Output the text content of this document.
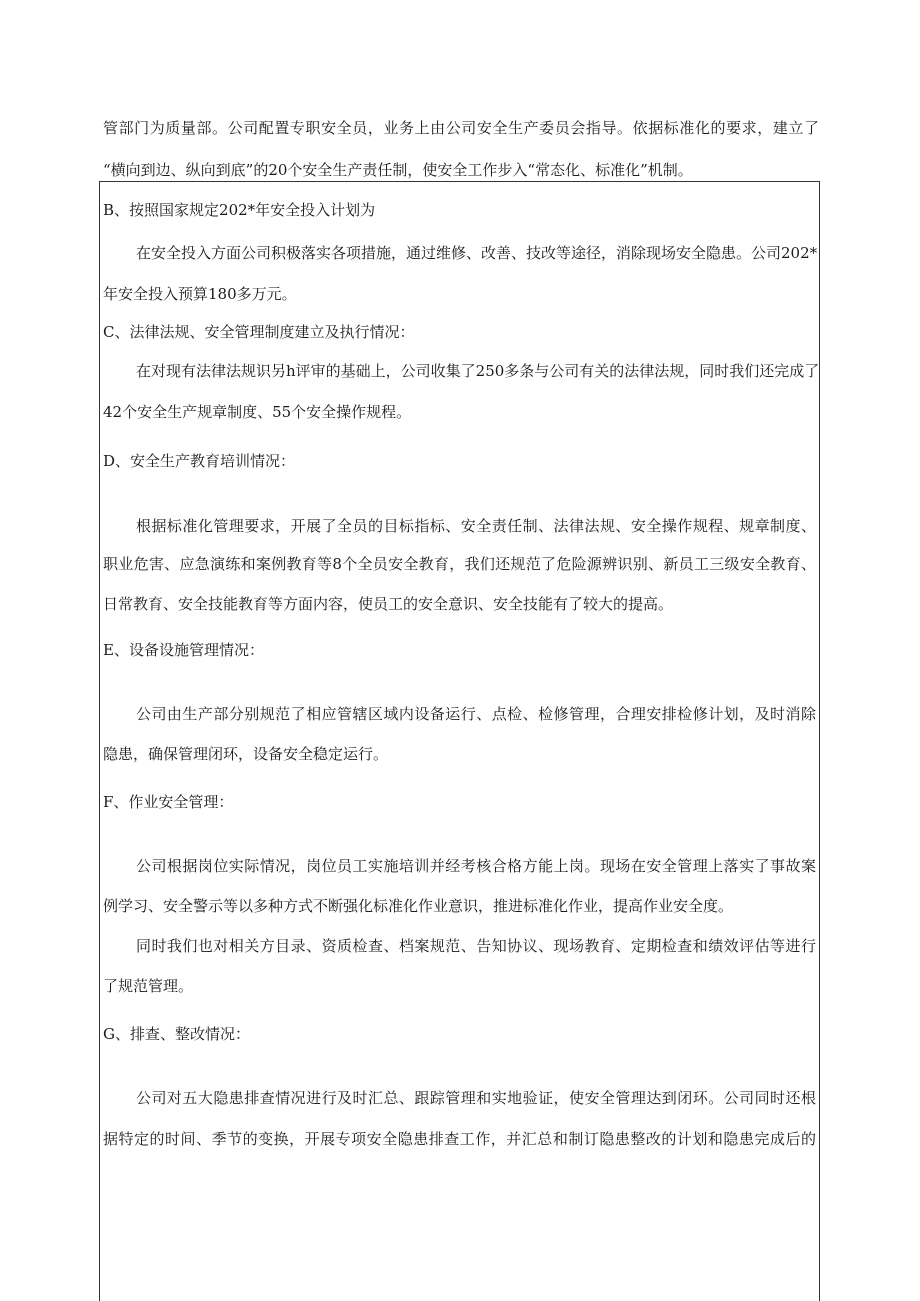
管部门为质量部。公司配置专职安全员，业务上由公司安全生产委员会指导。依据标准化的要求，建立了

“横向到边、纵向到底”的20个安全生产责任制，使安全工作步入“常态化、标准化”机制。

B、按照国家规定202*年安全投入计划为

在安全投入方面公司积极落实各项措施，通过维修、改善、技改等途径，消除现场安全隐患。公司202*

年安全投入预算180多万元。

C、法律法规、安全管理制度建立及执行情况：

在对现有法律法规识另h评审的基础上，公司收集了250多条与公司有关的法律法规，同时我们还完成了

42个安全生产规章制度、55个安全操作规程。

D、安全生产教育培训情况：

根据标准化管理要求，开展了全员的目标指标、安全责任制、法律法规、安全操作规程、规章制度、

职业危害、应急演练和案例教育等8个全员安全教育，我们还规范了危险源辨识别、新员工三级安全教育、

日常教育、安全技能教育等方面内容，使员工的安全意识、安全技能有了较大的提高。

E、设备设施管理情况：

公司由生产部分别规范了相应管辖区域内设备运行、点检、检修管理，合理安排检修计划，及时消除

隐患，确保管理闭环，设备安全稳定运行。

F、作业安全管理：

公司根据岗位实际情况，岗位员工实施培训并经考核合格方能上岗。现场在安全管理上落实了事故案

例学习、安全警示等以多种方式不断强化标准化作业意识，推进标准化作业，提高作业安全度。

同时我们也对相关方目录、资质检查、档案规范、告知协议、现场教育、定期检查和绩效评估等进行

了规范管理。

G、排查、整改情况：

公司对五大隐患排查情况进行及时汇总、跟踪管理和实地验证，使安全管理达到闭环。公司同时还根

据特定的时间、季节的变换，开展专项安全隐患排查工作，并汇总和制订隐患整改的计划和隐患完成后的
